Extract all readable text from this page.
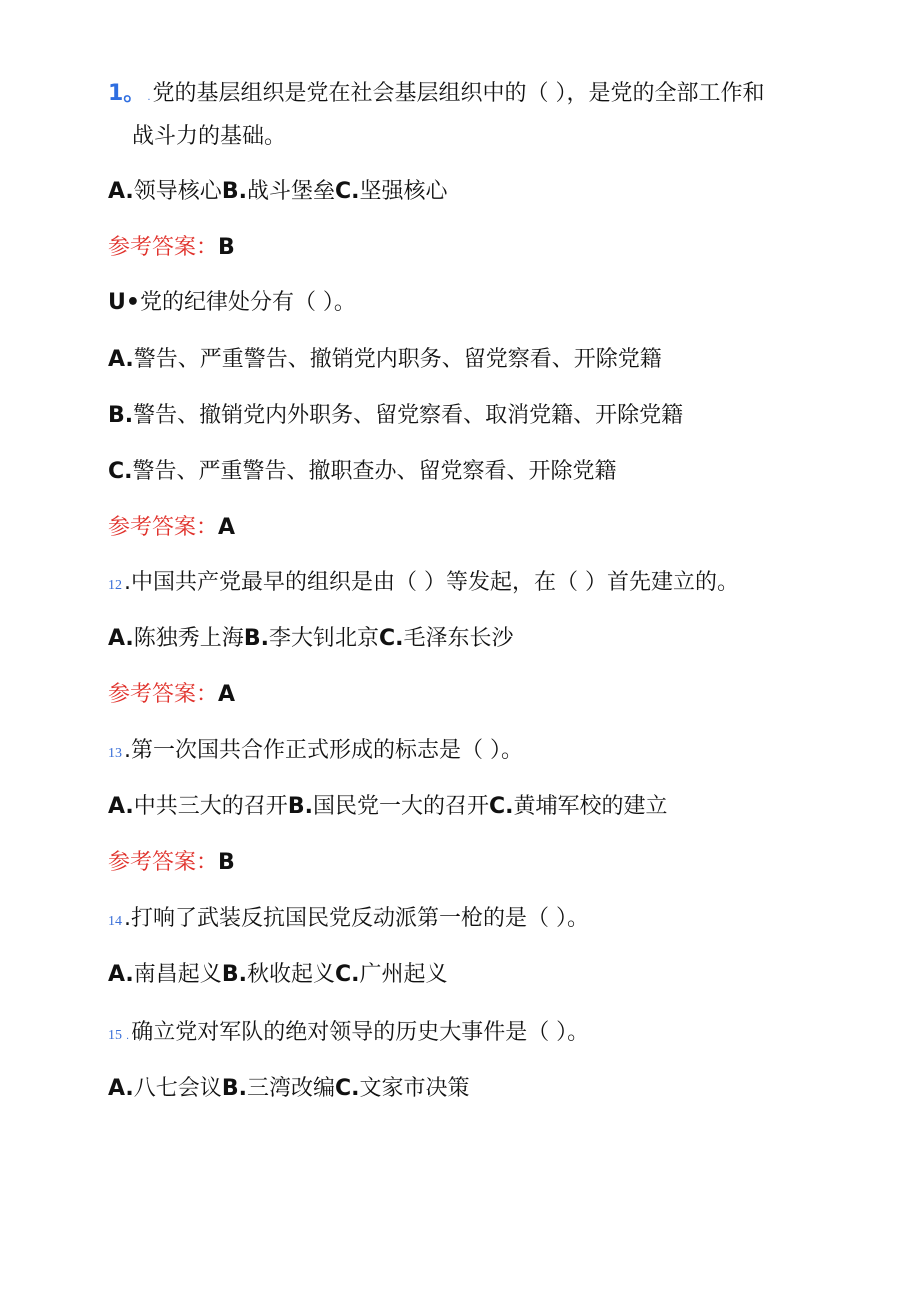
1。 .党的基层组织是党在社会基层组织中的（ ），是党的全部工作和
战斗力的基础。
A.领导核心B.战斗堡垒C.坚强核心
参考答案：B
U•党的纪律处分有（ ）。
A.警告、严重警告、撤销党内职务、留党察看、开除党籍
B.警告、撤销党内外职务、留党察看、取消党籍、开除党籍
C.警告、严重警告、撤职查办、留党察看、开除党籍
参考答案：A
12.中国共产党最早的组织是由（ ）等发起，在（ ）首先建立的。
A.陈独秀上海B.李大钊北京C.毛泽东长沙
参考答案：A
13.第一次国共合作正式形成的标志是（ ）。
A.中共三大的召开B.国民党一大的召开C.黄埔军校的建立
参考答案：B
14.打响了武装反抗国民党反动派第一枪的是（ ）。
A.南昌起义B.秋收起义C.广州起义
15 .确立党对军队的绝对领导的历史大事件是（ ）。
A.八七会议B.三湾改编C.文家市决策
